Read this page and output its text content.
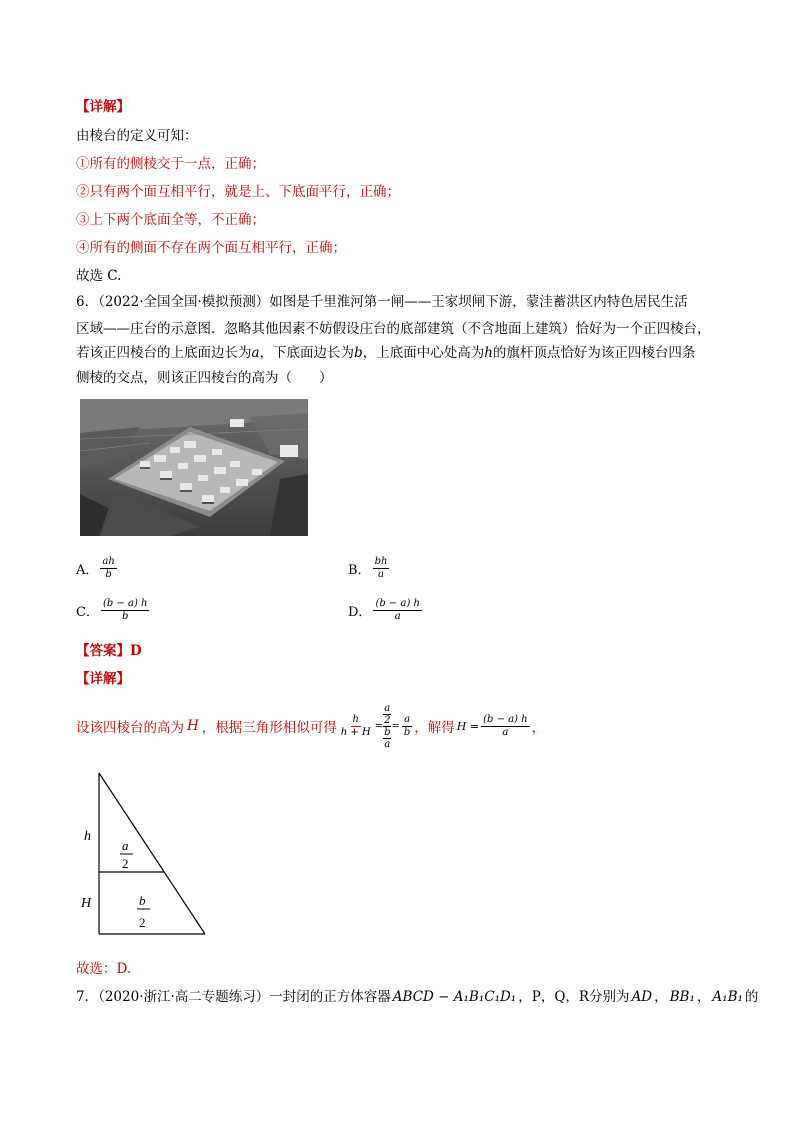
【详解】
由棱台的定义可知：
①所有的侧棱交于一点，正确；
②只有两个面互相平行，就是上、下底面平行，正确；
③上下两个底面全等，不正确；
④所有的侧面不存在两个面互相平行，正确；
故选 C.
6．（2022·全国全国·模拟预测）如图是千里淮河第一闸——王家坝闸下游，蒙洼蓄洪区内特色居民生活
区域——庄台的示意图．忽略其他因素不妨假设庄台的底部建筑（不含地面上建筑）恰好为一个正四棱台，
若该正四棱台的上底面边长为a，下底面边长为b，上底面中心处高为h的旗杆顶点恰好为该正四棱台四条
侧棱的交点，则该正四棱台的高为（　　）
A． $\frac{ah}{b}$	B． $\frac{bh}{a}$
C． $\frac{(b - a) h}{b}$	D． $\frac{(b - a) h}{a}$
【答案】D
【详解】
设该四棱台的高为 H ，根据三角形相似可得 $\frac{h}{h + H} = a$
2
b
$a = \frac{a}{b}$ ，解得 $H = \frac{(b - a) h}{a}$ ，
h
H
a
2
b
2
故选：D.
7．（2020·浙江·高二专题练习）一封闭的正方体容器 ABCD − A₁B₁C₁D₁ ，P，Q，R分别为 AD ， BB₁ ， A₁B₁ 的
